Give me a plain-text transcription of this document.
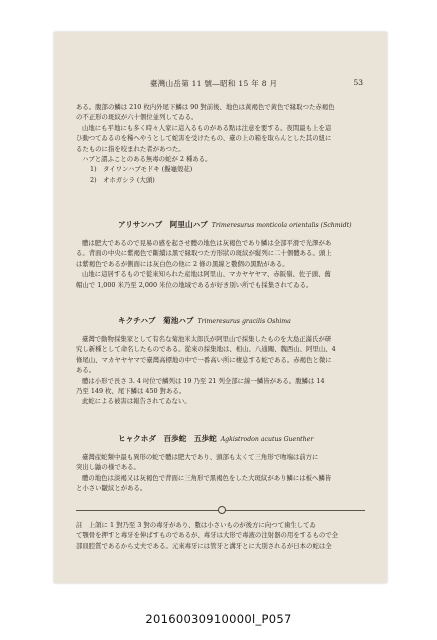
臺灣山岳第 11 號―昭和 15 年 8 月	53
ある。腹部の鱗は 210 枚内外尾下鱗は 90 對前後、地色は黃褐色で黃色で縁取つた赤褐色
の不正形の斑紋が六十個位並列してゐる。
山地にも平地にも多く時々人家に這入るものがある點は注意を要する。夜間最も上を這
ひ動つてゐるのを稀へやうとして蛇害を受けたもの、臺の上の箱を取らんとした其の紐に
るたものに指を咬まれた者があつた。
ハブと謂ふことのある無毒の蛇が 2 種ある。
1)　タイワンハブモドキ (擬龜殼花)
2)　オホガシラ (大頭)
アリサンハブ　阿里山ハブ Trimeresurus monticola orientalis (Schmidt)
體は肥大であるので見易の感を起させ體の地色は灰褐色であり鱗は全部平滑で光澤があ
る。背面の中央に紫褐色で斷續は黑で縁取つた方形狀の斑紋が縦列に二十個體ある。頭上
は紫褐色であるが側面には灰白色の他に 2 條の黑線と數個の黑點がある。
山地に這居するもので從來知られた産地は阿里山、マカヤヤヤマ、赤阪嶺、佐子頭、舊
帽山で 1,000 米乃至 2,000 米位の地域であるが好き別い所でも採集されてゐる。
キクチハブ　菊池ハブ Trimeresurus gracilis Oshima
臺灣で動物採集家として有名な菊池米太郎氏が阿里山で採集したものを大島正滿氏が研
究し新種として命名したものである。從來の採集地は、相山、八通關、魏西山、阿里山、4
條尾山、マカヤヤヤマで臺灣高標地の中で一番高い所に棲息する蛇である。赤褐色と微に
ある。
體は小形で長さ 3. 4 吋位で鱗列は 19 乃至 21 列全部に線一鱗皆がある。腹鱗は 14
乃至 149 枚、尾下鱗は 450 對ある。
此蛇による被害は報告されてゐない。
ヒャクホダ　百歩蛇　五歩蛇 Agkistrodon acutus Guenther
臺灣産蛇類中最も異形の蛇で體は肥大であり、頭部も太くて三角形で吻端は前方に
突出し鼬の様である。
體の地色は淡褐又は灰褐色で背面に三角形で黑褐色をした大斑紋があり鱗には板へ鱗皆
と小さい皺紋とがある。
註　上頜に 1 對乃至 3 對の毒牙があり、數は小さいものが後方に向つて歯生してゐ
て顎骨を押すと毒牙を伸ばすものであるが、毒牙は大形で毒液の注射器の用をするもので全
部皿腔質であるから丈夫である。元來毒牙には管牙と溝牙とに大別されるが日本の蛇は全
20160030910000l_P057
